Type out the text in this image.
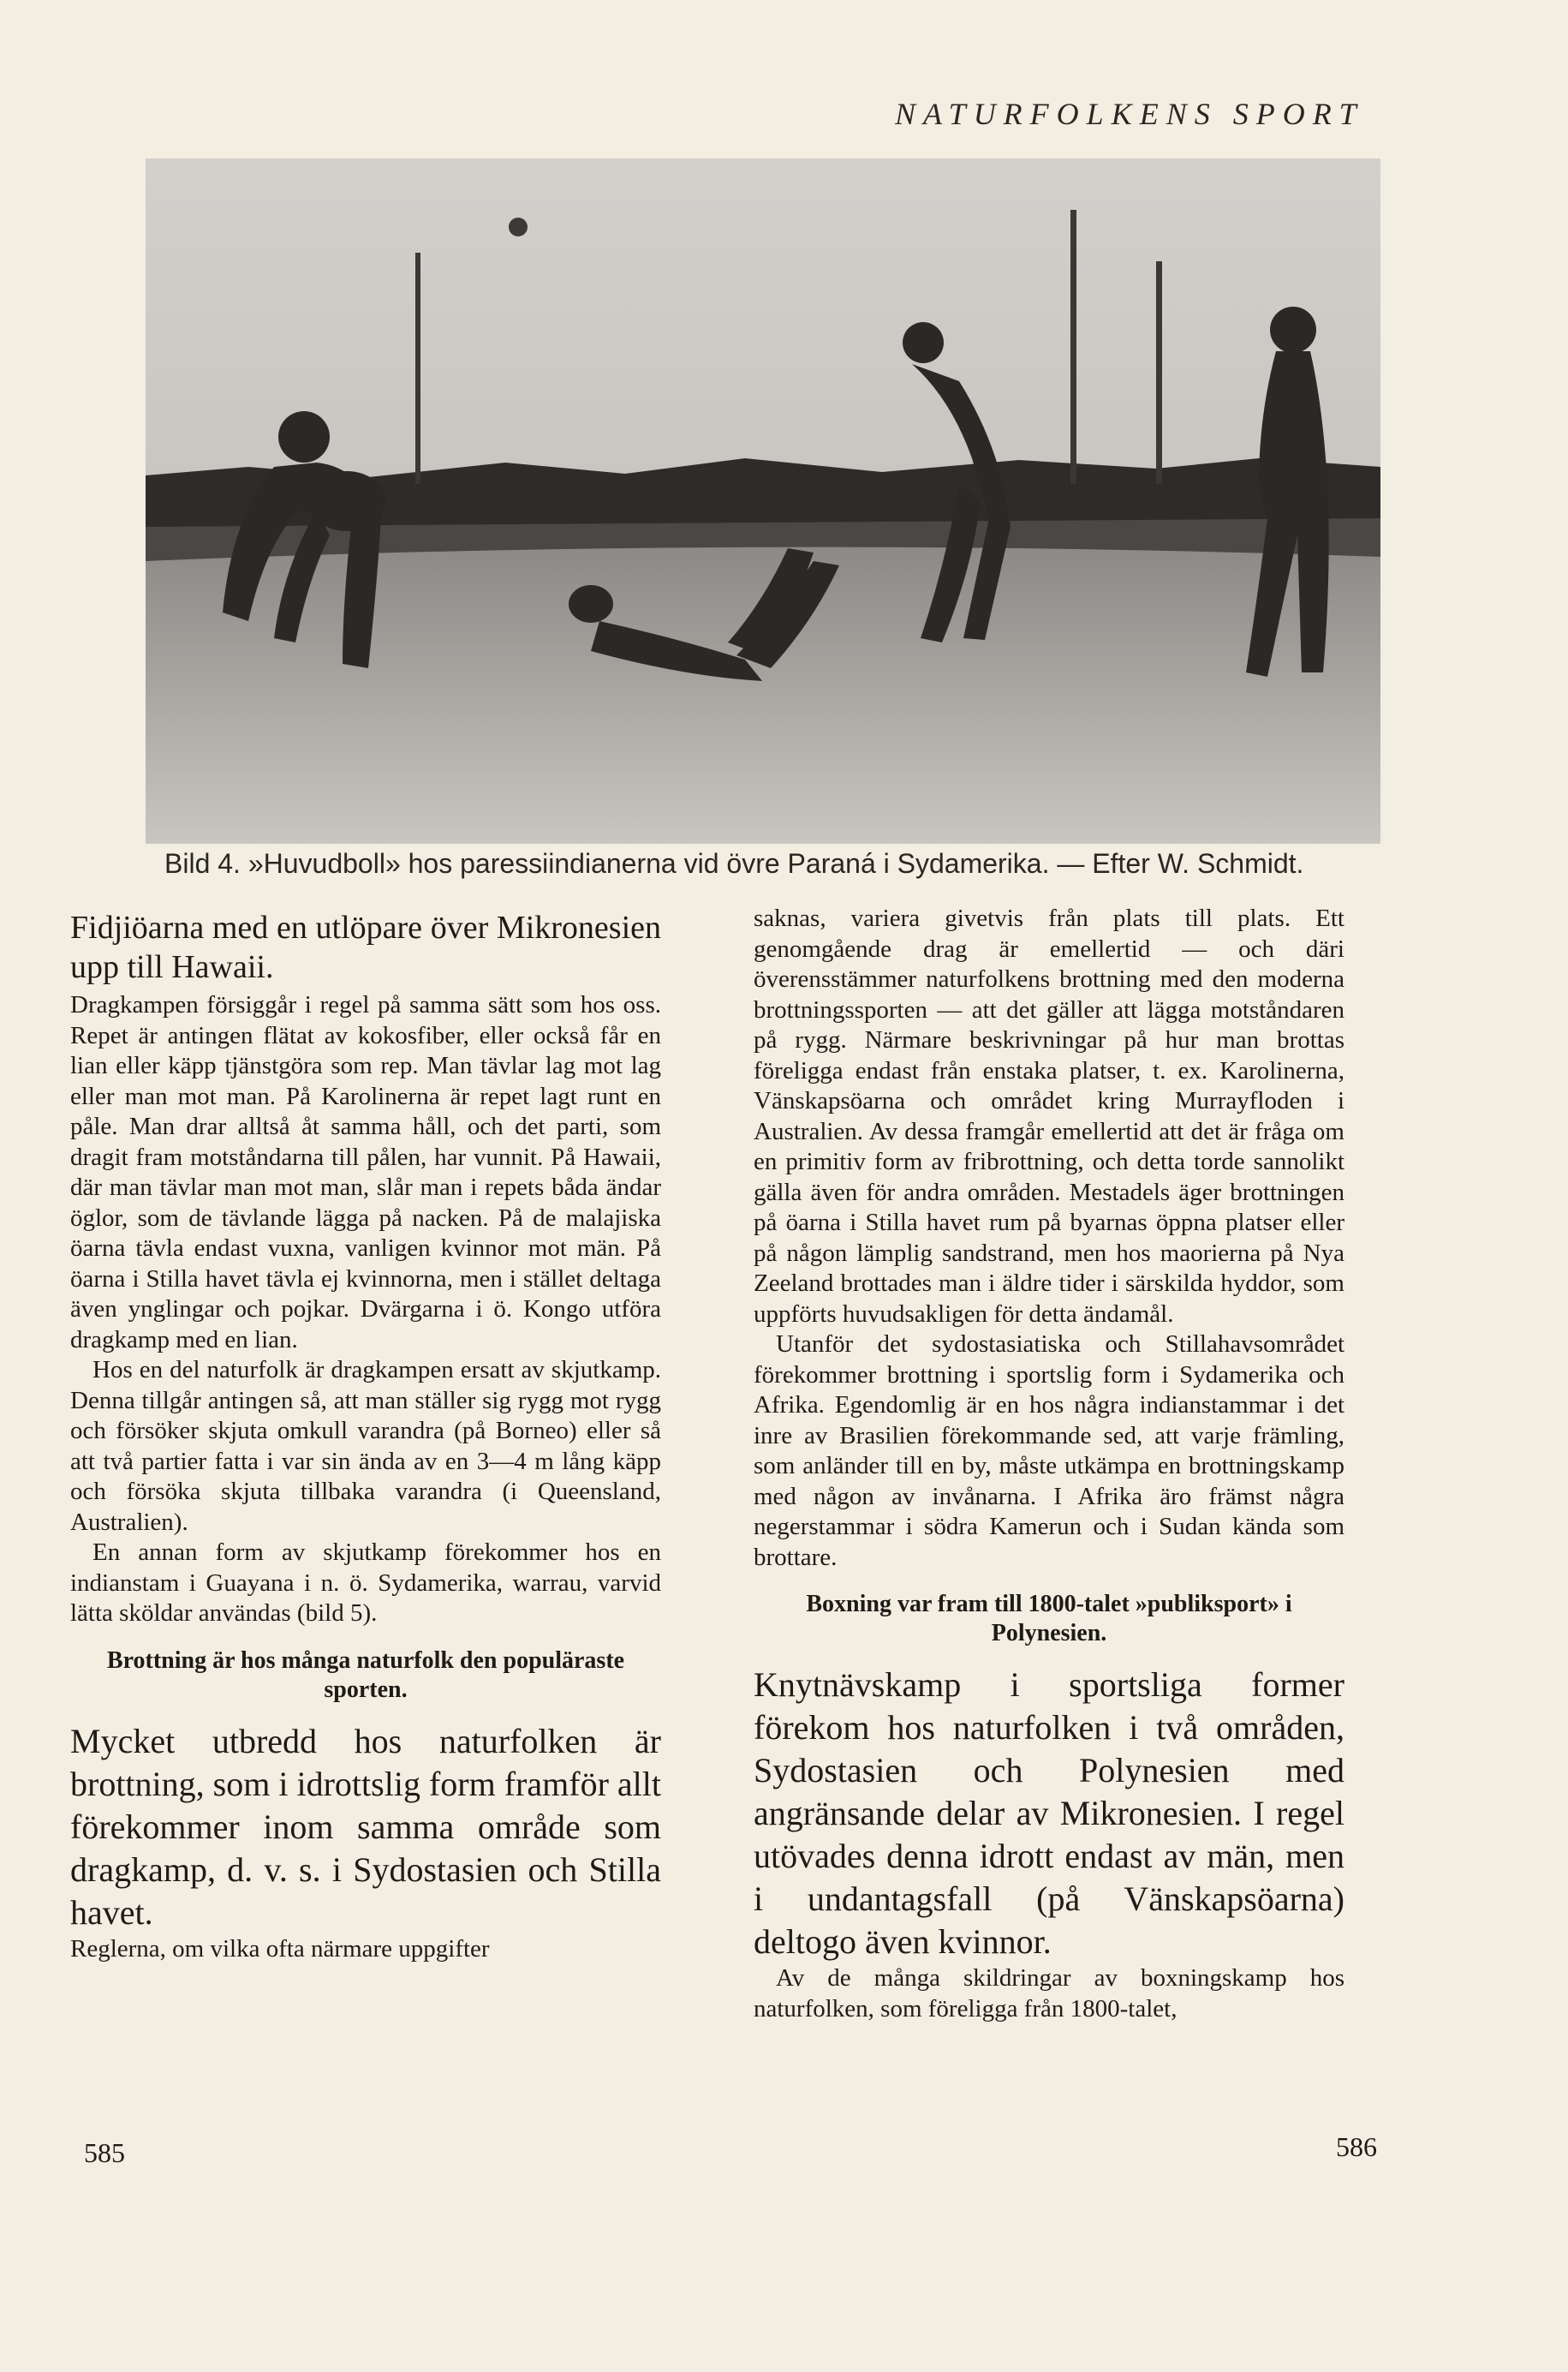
NATURFOLKENS SPORT
Bild 4. »Huvudboll» hos paressiindianerna vid övre Paraná i Sydamerika. — Efter W. Schmidt.

Fidjiöarna med en utlöpare över Mikronesien upp till Hawaii.

Dragkampen försiggår i regel på samma sätt som hos oss. Repet är antingen flätat av kokosfiber, eller också får en lian eller käpp tjänstgöra som rep. Man tävlar lag mot lag eller man mot man. På Karolinerna är repet lagt runt en påle. Man drar alltså åt samma håll, och det parti, som dragit fram motståndarna till pålen, har vunnit. På Hawaii, där man tävlar man mot man, slår man i repets båda ändar öglor, som de tävlande lägga på nacken. På de malajiska öarna tävla endast vuxna, vanligen kvinnor mot män. På öarna i Stilla havet tävla ej kvinnorna, men i stället deltaga även ynglingar och pojkar. Dvärgarna i ö. Kongo utföra dragkamp med en lian.

Hos en del naturfolk är dragkampen ersatt av skjutkamp. Denna tillgår antingen så, att man ställer sig rygg mot rygg och försöker skjuta omkull varandra (på Borneo) eller så att två partier fatta i var sin ända av en 3—4 m lång käpp och försöka skjuta tillbaka varandra (i Queensland, Australien).

En annan form av skjutkamp förekommer hos en indianstam i Guayana i n. ö. Sydamerika, warrau, varvid lätta sköldar användas (bild 5).

Brottning är hos många naturfolk den populäraste sporten.

Mycket utbredd hos naturfolken är brottning, som i idrottslig form framför allt förekommer inom samma område som dragkamp, d. v. s. i Sydostasien och Stilla havet.

Reglerna, om vilka ofta närmare uppgifter

saknas, variera givetvis från plats till plats. Ett genomgående drag är emellertid — och däri överensstämmer naturfolkens brottning med den moderna brottningssporten — att det gäller att lägga motståndaren på rygg. Närmare beskrivningar på hur man brottas föreligga endast från enstaka platser, t. ex. Karolinerna, Vänskapsöarna och området kring Murrayfloden i Australien. Av dessa framgår emellertid att det är fråga om en primitiv form av fribrottning, och detta torde sannolikt gälla även för andra områden. Mestadels äger brottningen på öarna i Stilla havet rum på byarnas öppna platser eller på någon lämplig sandstrand, men hos maorierna på Nya Zeeland brottades man i äldre tider i särskilda hyddor, som uppförts huvudsakligen för detta ändamål.

Utanför det sydostasiatiska och Stillahavsområdet förekommer brottning i sportslig form i Sydamerika och Afrika. Egendomlig är en hos några indianstammar i det inre av Brasilien förekommande sed, att varje främling, som anländer till en by, måste utkämpa en brottningskamp med någon av invånarna. I Afrika äro främst några negerstammar i södra Kamerun och i Sudan kända som brottare.

Boxning var fram till 1800-talet »publiksport» i Polynesien.

Knytnävskamp i sportsliga former förekom hos naturfolken i två områden, Sydostasien och Polynesien med angränsande delar av Mikronesien. I regel utövades denna idrott endast av män, men i undantagsfall (på Vänskapsöarna) deltogo även kvinnor.

Av de många skildringar av boxningskamp hos naturfolken, som föreligga från 1800-talet,

585	586
